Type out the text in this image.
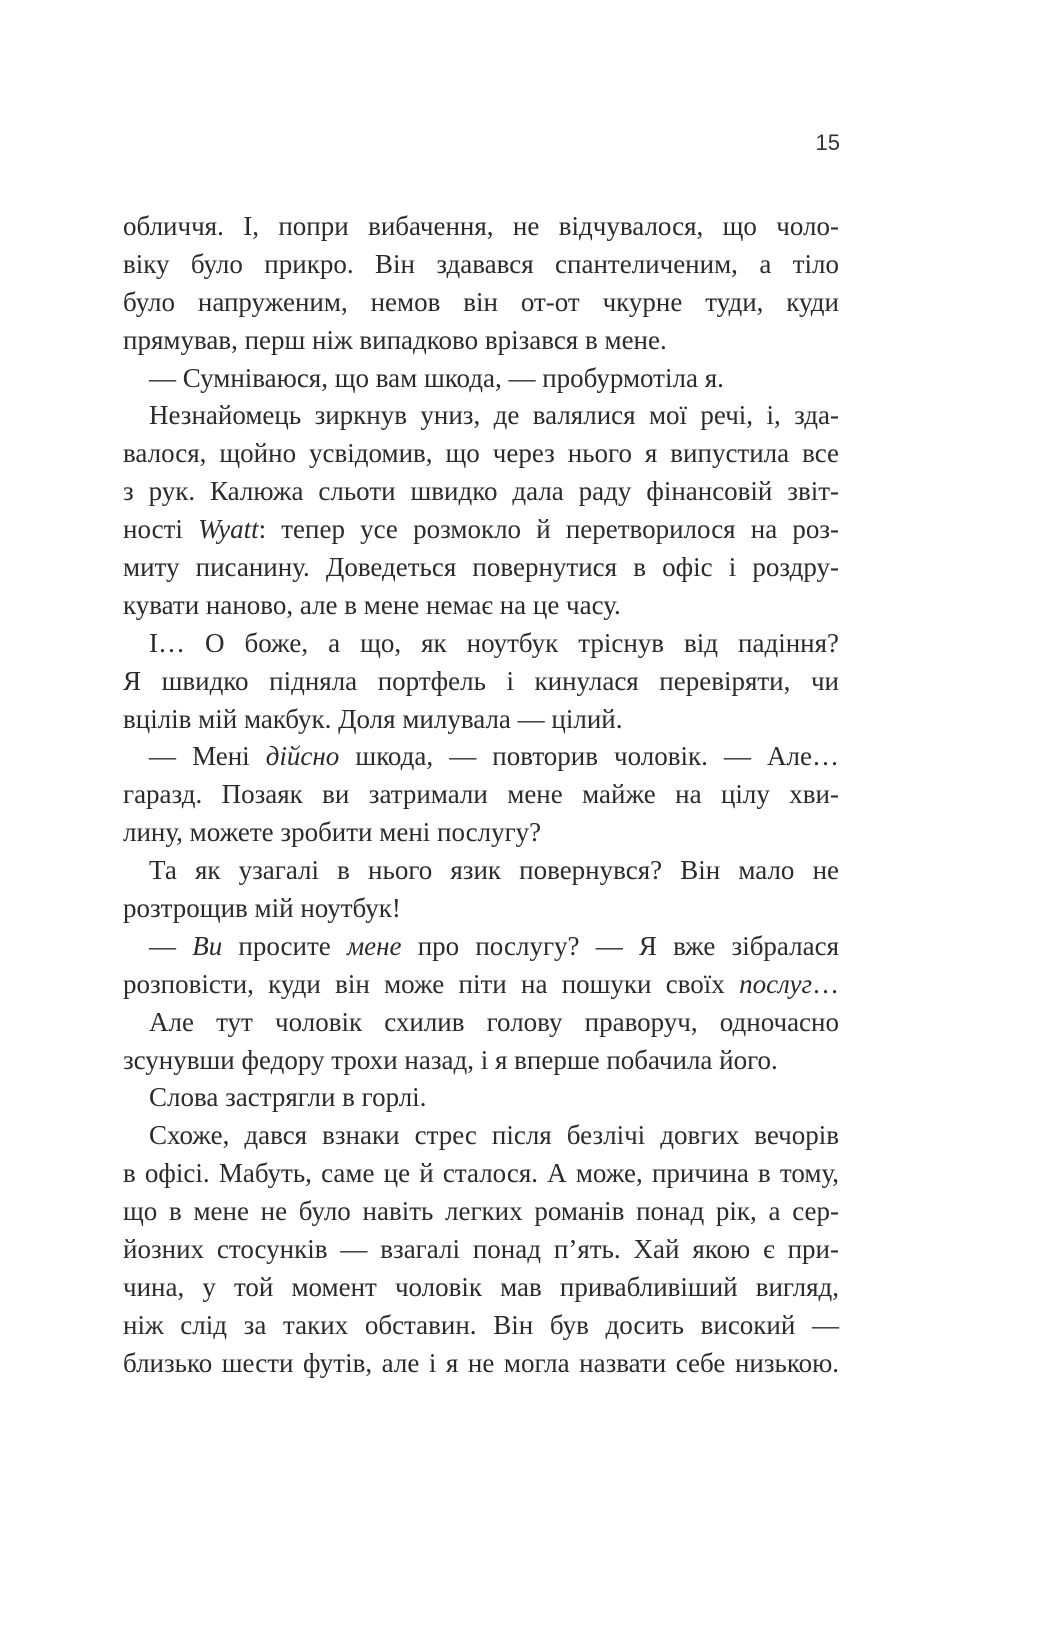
15
обличчя. І, попри вибачення, не відчувалося, що чоло-
віку було прикро. Він здавався спантеличеним, а тіло
було напруженим, немов він от-от чкурне туди, куди
прямував, перш ніж випадково врізався в мене.
— Сумніваюся, що вам шкода, — пробурмотіла я.
Незнайомець зиркнув униз, де валялися мої речі, і, зда-
валося, щойно усвідомив, що через нього я випустила все
з рук. Калюжа сльоти швидко дала раду фінансовій звіт-
ності Wyatt: тепер усе розмокло й перетворилося на роз-
миту писанину. Доведеться повернутися в офіс і роздру-
кувати наново, але в мене немає на це часу.
І… О боже, а що, як ноутбук тріснув від падіння?
Я швидко підняла портфель і кинулася перевіряти, чи
вцілів мій макбук. Доля милувала — цілий.
— Мені дійсно шкода, — повторив чоловік. — Але…
гаразд. Позаяк ви затримали мене майже на цілу хви-
лину, можете зробити мені послугу?
Та як узагалі в нього язик повернувся? Він мало не
розтрощив мій ноутбук!
— Ви просите мене про послугу? — Я вже зібралася
розповісти, куди він може піти на пошуки своїх послуг…
Але тут чоловік схилив голову праворуч, одночасно
зсунувши федору трохи назад, і я вперше побачила його.
Слова застрягли в горлі.
Схоже, дався взнаки стрес після безлічі довгих вечорів
в офісі. Мабуть, саме це й сталося. А може, причина в тому,
що в мене не було навіть легких романів понад рік, а сер-
йозних стосунків — взагалі понад п’ять. Хай якою є при-
чина, у той момент чоловік мав привабливіший вигляд,
ніж слід за таких обставин. Він був досить високий —
близько шести футів, але і я не могла назвати себе низькою.
